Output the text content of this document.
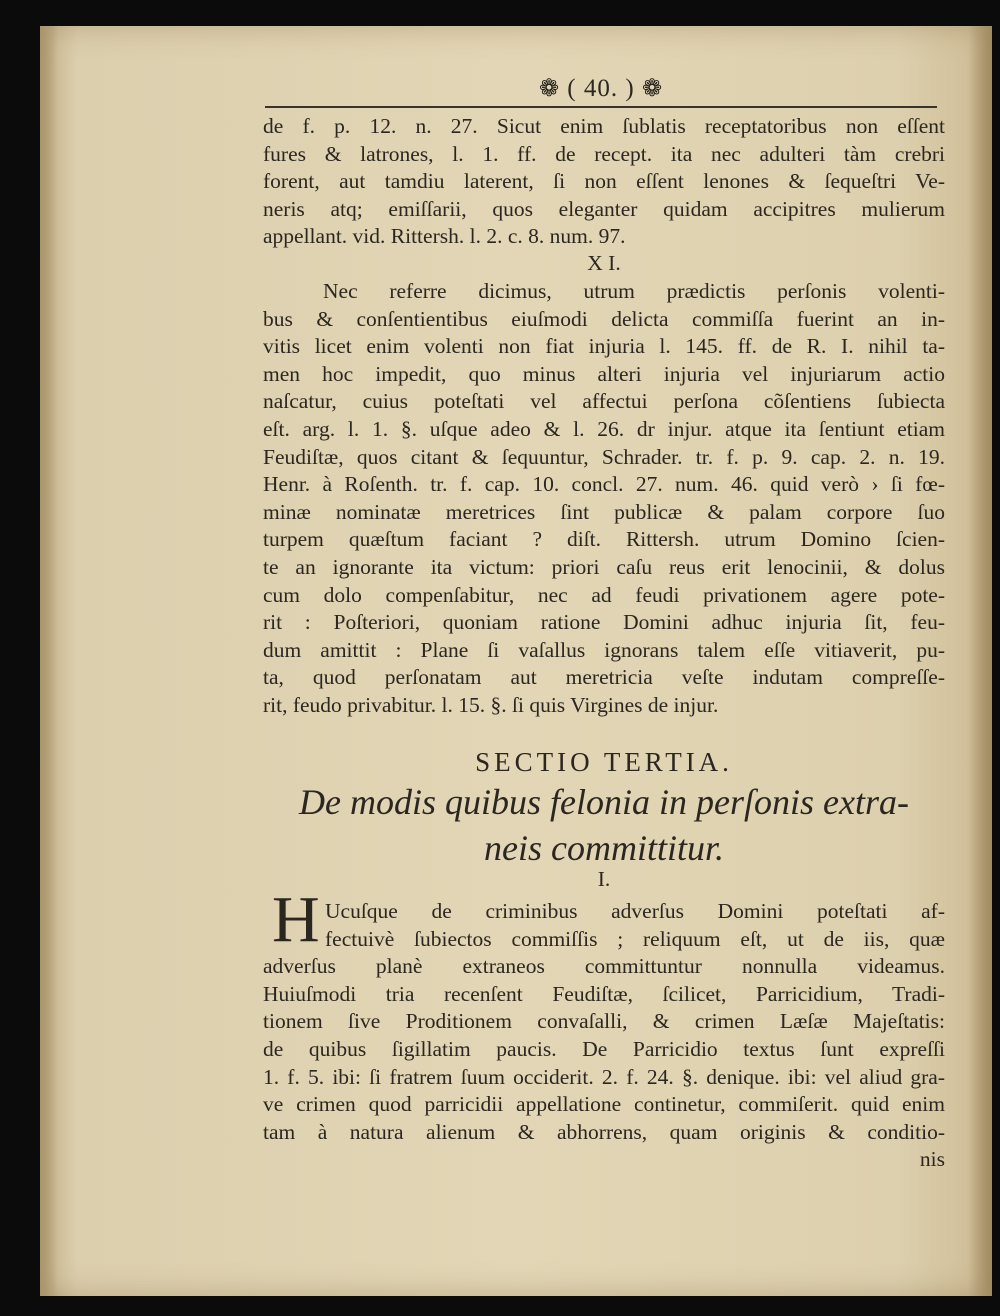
❁ ( 40. ) ❁
de f. p. 12. n. 27. Sicut enim ſublatis receptatoribus non eſſent
fures & latrones, l. 1. ff. de recept. ita nec adulteri tàm crebri
forent, aut tamdiu laterent, ſi non eſſent lenones & ſequeſtri Ve-
neris atq; emiſſarii, quos eleganter quidam accipitres mulierum
appellant. vid. Rittersh. l. 2. c. 8. num. 97.
X I.
Nec referre dicimus, utrum prædictis perſonis volenti-
bus & conſentientibus eiuſmodi delicta commiſſa fuerint an in-
vitis licet enim volenti non fiat injuria l. 145. ff. de R. I. nihil ta-
men hoc impedit, quo minus alteri injuria vel injuriarum actio
naſcatur, cuius poteſtati vel affectui perſona cõſentiens ſubiecta
eſt. arg. l. 1. §. uſque adeo & l. 26. dr injur. atque ita ſentiunt etiam
Feudiſtæ, quos citant & ſequuntur, Schrader. tr. f. p. 9. cap. 2. n. 19.
Henr. à Roſenth. tr. f. cap. 10. concl. 27. num. 46. quid verò › ſi fœ-
minæ nominatæ meretrices ſint publicæ & palam corpore ſuo
turpem quæſtum faciant ? diſt. Rittersh. utrum Domino ſcien-
te an ignorante ita victum: priori caſu reus erit lenocinii, & dolus
cum dolo compenſabitur, nec ad feudi privationem agere pote-
rit : Poſteriori, quoniam ratione Domini adhuc injuria ſit, feu-
dum amittit : Plane ſi vaſallus ignorans talem eſſe vitiaverit, pu-
ta, quod perſonatam aut meretricia veſte indutam compreſſe-
rit, feudo privabitur. l. 15. §. ſi quis Virgines de injur.
SECTIO TERTIA.
De modis quibus felonia in perſonis extra-
neis committitur.
I.
H Ucuſque de criminibus adverſus Domini poteſtati af-
fectuivè ſubiectos commiſſis ; reliquum eſt, ut de iis, quæ
adverſus planè extraneos committuntur nonnulla videamus.
Huiuſmodi tria recenſent Feudiſtæ, ſcilicet, Parricidium, Tradi-
tionem ſive Proditionem convaſalli, & crimen Læſæ Majeſtatis:
de quibus ſigillatim paucis. De Parricidio textus ſunt expreſſi
1. f. 5. ibi: ſi fratrem ſuum occiderit. 2. f. 24. §. denique. ibi: vel aliud gra-
ve crimen quod parricidii appellatione continetur, commiſerit. quid enim
tam à natura alienum & abhorrens, quam originis & conditio-
nis
